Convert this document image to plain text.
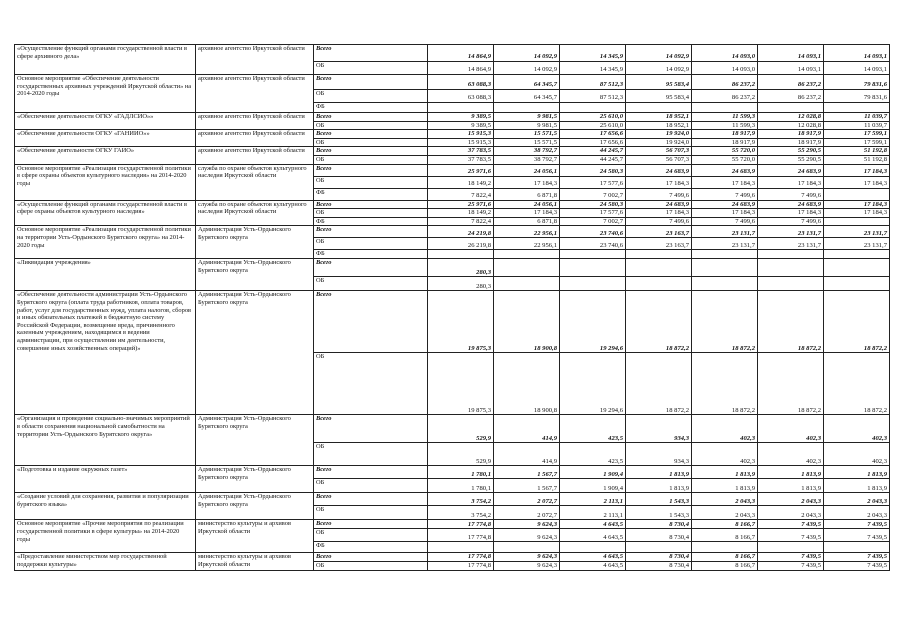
«Осуществление функций органами государственной власти в сфере архивного дела»	архивное агентство Иркутской области	Всего	14 864,9	14 092,9	14 345,9	14 092,9	14 093,0	14 093,1	14 093,1
		ОБ	14 864,9	14 092,9	14 345,9	14 092,9	14 093,0	14 093,1	14 093,1
Основное мероприятие «Обеспечение деятельности государственных архивных учреждений Иркутской области» на 2014-2020 годы	архивное агентство Иркутской области	Всего	63 088,3	64 345,7	87 512,3	95 583,4	86 237,2	86 237,2	79 831,6
		ОБ	63 088,3	64 345,7	87 512,3	95 583,4	86 237,2	86 237,2	79 831,6
		ФБ							
«Обеспечение деятельности ОГКУ «ГАДЛСИО»»	архивное агентство Иркутской области	Всего	9 389,5	9 981,5	25 610,0	18 952,1	11 599,3	12 028,8	11 039,7
		ОБ	9 389,5	9 981,5	25 610,0	18 952,1	11 599,3	12 028,8	11 039,7
«Обеспечение деятельности ОГКУ «ГАНИИО»»	архивное агентство Иркутской области	Всего	15 915,3	15 571,5	17 656,6	19 924,0	18 917,9	18 917,9	17 599,1
		ОБ	15 915,3	15 571,5	17 656,6	19 924,0	18 917,9	18 917,9	17 599,1
«Обеспечение деятельности ОГКУ ГАИО»	архивное агентство Иркутской области	Всего	37 783,5	38 792,7	44 245,7	56 707,3	55 720,0	55 290,5	51 192,8
		ОБ	37 783,5	38 792,7	44 245,7	56 707,3	55 720,0	55 290,5	51 192,8
Основное мероприятие «Реализация государственной политики в сфере охраны объектов культурного наследия» на 2014-2020 годы	служба по охране объектов культурного наследия Иркутской области	Всего	25 971,6	24 056,1	24 580,3	24 683,9	24 683,9	24 683,9	17 184,3
		ОБ	18 149,2	17 184,3	17 577,6	17 184,3	17 184,3	17 184,3	17 184,3
		ФБ	7 822,4	6 871,8	7 002,7	7 499,6	7 499,6	7 499,6	
«Осуществление функций органами государственной власти в сфере охраны объектов культурного наследия»	служба по охране объектов культурного наследия Иркутской области	Всего	25 971,6	24 056,1	24 580,3	24 683,9	24 683,9	24 683,9	17 184,3
		ОБ	18 149,2	17 184,3	17 577,6	17 184,3	17 184,3	17 184,3	17 184,3
		ФБ	7 822,4	6 871,8	7 002,7	7 499,6	7 499,6	7 499,6	
Основное мероприятие «Реализация государственной политики на территории Усть-Ордынского Бурятского округа» на 2014-2020 годы	Администрация Усть-Ордынского Бурятского округа	Всего	24 219,8	22 956,1	23 740,6	23 163,7	23 131,7	23 131,7	23 131,7
		ОБ	26 219,8	22 956,1	23 740,6	23 163,7	23 131,7	23 131,7	23 131,7
		ФБ							
«Ликвидация учреждения»	Администрация Усть-Ордынского Бурятского округа	Всего	280,3						
		ОБ	280,3						
«Обеспечение деятельности администрации Усть-Ордынского Бурятского округа (оплата труда работников, оплата товаров, работ, услуг для государственных нужд, уплата налогов, сборов и иных обязательных платежей в бюджетную систему Российской Федерации, возмещение вреда, причиненного казенным учреждением, находящимся в ведении администрации, при осуществлении им деятельности, совершение иных хозяйственных операций)»	Администрация Усть-Ордынского Бурятского округа	Всего	19 875,3	18 900,8	19 294,6	18 872,2	18 872,2	18 872,2	18 872,2
		ОБ	19 875,3	18 900,8	19 294,6	18 872,2	18 872,2	18 872,2	18 872,2
«Организация и проведение социально-значимых мероприятий в области сохранения национальной самобытности на территории Усть-Ордынского Бурятского округа»	Администрация Усть-Ордынского Бурятского округа	Всего	529,9	414,9	423,5	934,3	402,3	402,3	402,3
		ОБ	529,9	414,9	423,5	934,3	402,3	402,3	402,3
«Подготовка и издание окружных газет»	Администрация Усть-Ордынского Бурятского округа	Всего	1 780,1	1 567,7	1 909,4	1 813,9	1 813,9	1 813,9	1 813,9
		ОБ	1 780,1	1 567,7	1 909,4	1 813,9	1 813,9	1 813,9	1 813,9
«Создание условий для сохранения, развития и популяризации бурятского языка»	Администрация Усть-Ордынского Бурятского округа	Всего	3 754,2	2 072,7	2 113,1	1 543,3	2 043,3	2 043,3	2 043,3
		ОБ	3 754,2	2 072,7	2 113,1	1 543,3	2 043,3	2 043,3	2 043,3
Основное мероприятие «Прочие мероприятия по реализации государственной политики в сфере культуры» на 2014-2020 годы	министерство культуры и архивов Иркутской области	Всего	17 774,8	9 624,3	4 643,5	8 730,4	8 166,7	7 439,5	7 439,5
		ОБ	17 774,8	9 624,3	4 643,5	8 730,4	8 166,7	7 439,5	7 439,5
		ФБ							
«Предоставление министерством мер государственной поддержки культуры»	министерство культуры и архивов Иркутской области	Всего	17 774,8	9 624,3	4 643,5	8 730,4	8 166,7	7 439,5	7 439,5
		ОБ	17 774,8	9 624,3	4 643,5	8 730,4	8 166,7	7 439,5	7 439,5
